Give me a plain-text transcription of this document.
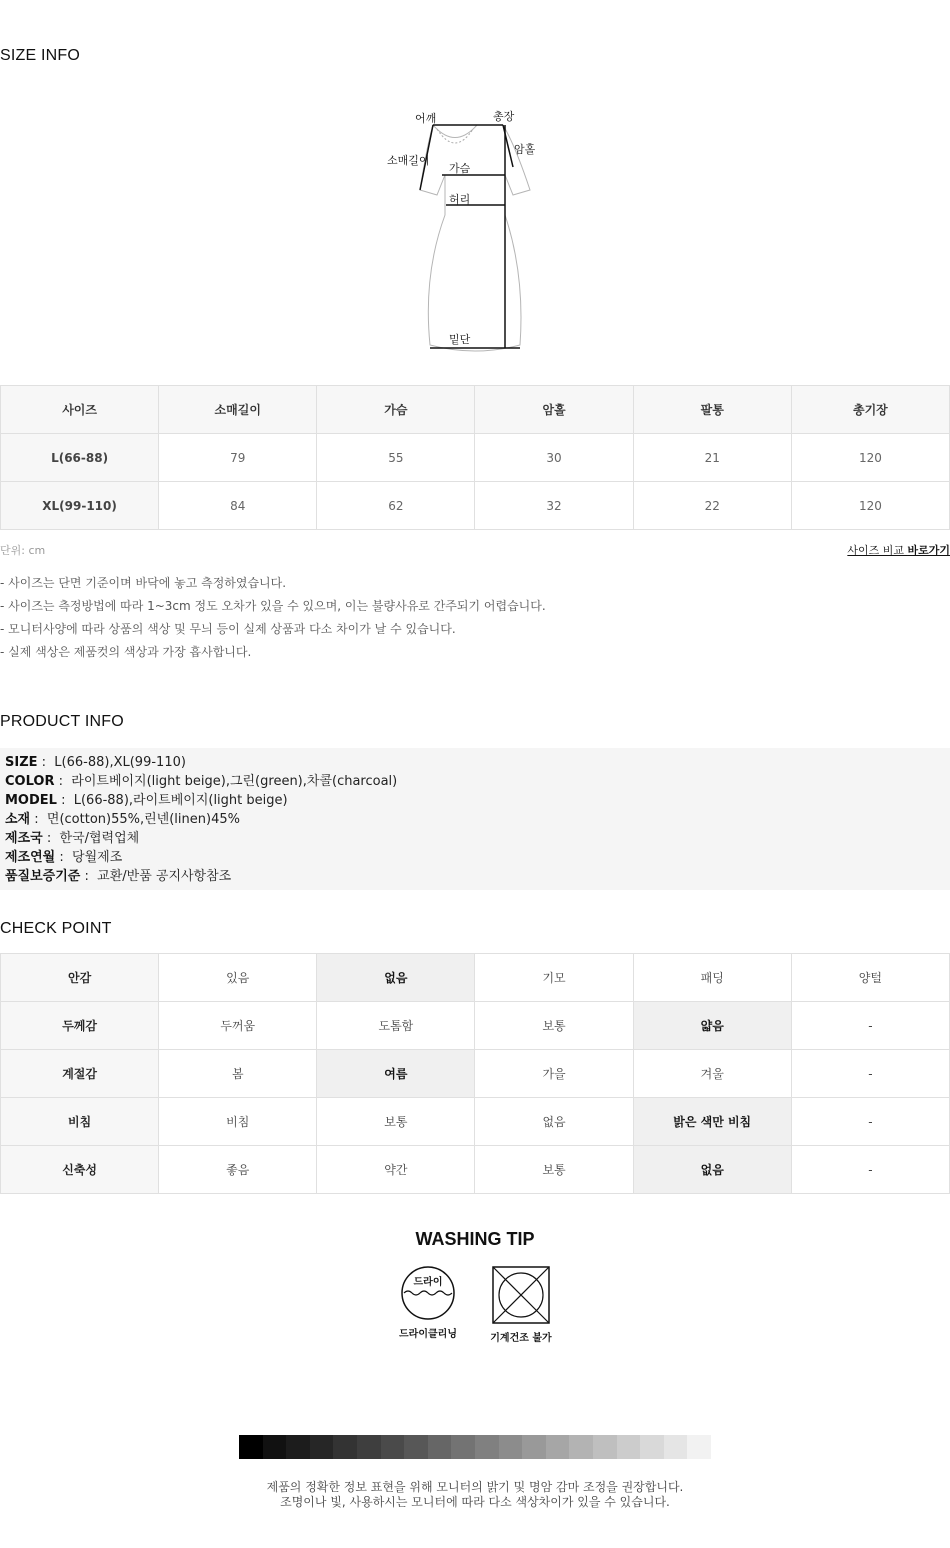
SIZE INFO
어깨	총장
소매길이
암홀
가슴
허리
밑단
사이즈	소매길이	가슴	암홀	팔통	총기장
L(66-88)	79	55	30	21	120
XL(99-110)	84	62	32	22	120
단위: cm	사이즈 비교 바로가기
- 사이즈는 단면 기준이며 바닥에 놓고 측정하였습니다.
- 사이즈는 측정방법에 따라 1~3cm 정도 오차가 있을 수 있으며, 이는 불량사유로 간주되기 어렵습니다.
- 모니터사양에 따라 상품의 색상 및 무늬 등이 실제 상품과 다소 차이가 날 수 있습니다.
- 실제 색상은 제품컷의 색상과 가장 흡사합니다.
PRODUCT INFO
SIZE :  L(66-88),XL(99-110)
COLOR :  라이트베이지(light beige),그린(green),차콜(charcoal)
MODEL :  L(66-88),라이트베이지(light beige)
소재 :  면(cotton)55%,린넨(linen)45%
제조국 :  한국/협력업체
제조연월 :  당월제조
품질보증기준 :  교환/반품 공지사항참조
CHECK POINT
안감	있음	없음	기모	패딩	양털
두께감	두꺼움	도톰함	보통	얇음	-
계절감	봄	여름	가을	겨울	-
비침	비침	보통	없음	밝은 색만 비침	-
신축성	좋음	약간	보통	없음	-
WASHING TIP
드라이
드라이클리닝	기계건조 불가
제품의 정확한 정보 표현을 위해 모니터의 밝기 및 명암 감마 조정을 권장합니다.
조명이나 빛, 사용하시는 모니터에 따라 다소 색상차이가 있을 수 있습니다.
